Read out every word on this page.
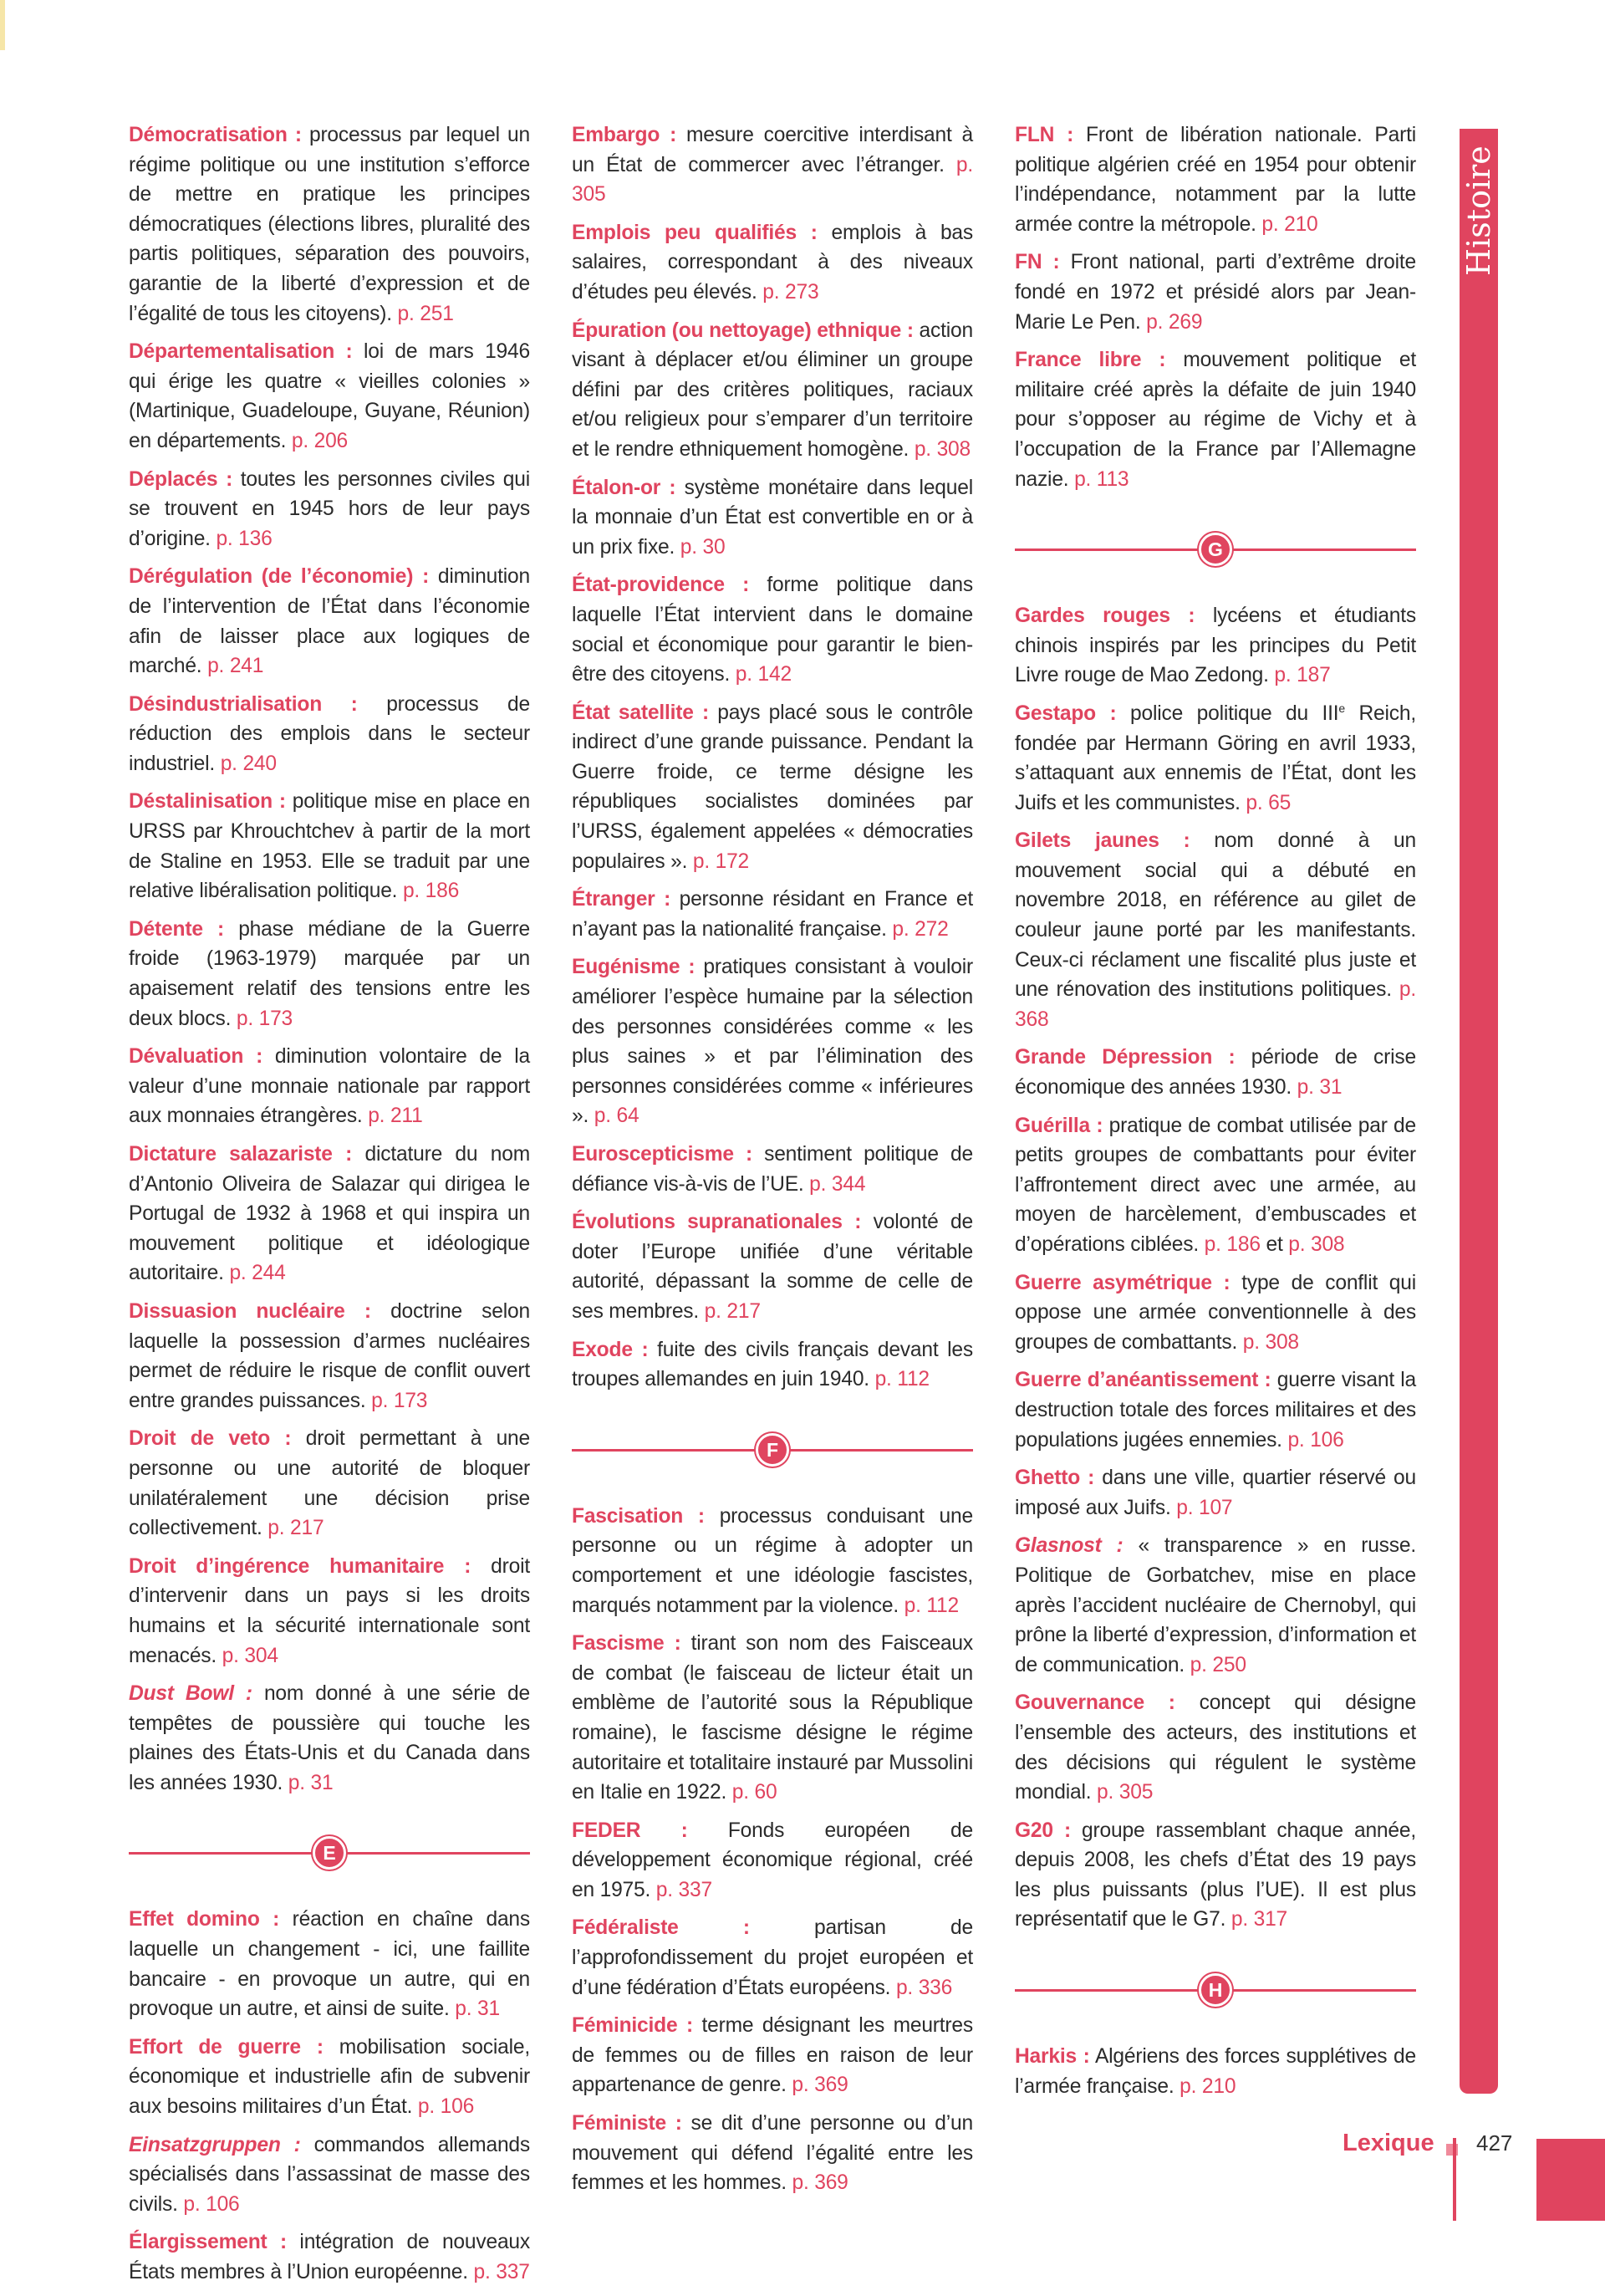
Démocratisation : processus par lequel un régime politique ou une institution s’efforce de mettre en pratique les principes démocratiques (élections libres, pluralité des partis politiques, séparation des pouvoirs, garantie de la liberté d’expression et de l’égalité de tous les citoyens). p. 251

Départementalisation : loi de mars 1946 qui érige les quatre « vieilles colonies » (Martinique, Guadeloupe, Guyane, Réunion) en départements. p. 206

Déplacés : toutes les personnes civiles qui se trouvent en 1945 hors de leur pays d’origine. p. 136

Dérégulation (de l’économie) : diminution de l’intervention de l’État dans l’économie afin de laisser place aux logiques de marché. p. 241

Désindustrialisation : processus de réduction des emplois dans le secteur industriel. p. 240

Déstalinisation : politique mise en place en URSS par Khrouchtchev à partir de la mort de Staline en 1953. Elle se traduit par une relative libéralisation politique. p. 186

Détente : phase médiane de la Guerre froide (1963-1979) marquée par un apaisement relatif des tensions entre les deux blocs. p. 173

Dévaluation : diminution volontaire de la valeur d’une monnaie nationale par rapport aux monnaies étrangères. p. 211

Dictature salazariste : dictature du nom d’Antonio Oliveira de Salazar qui dirigea le Portugal de 1932 à 1968 et qui inspira un mouvement politique et idéologique autoritaire. p. 244

Dissuasion nucléaire : doctrine selon laquelle la possession d’armes nucléaires permet de réduire le risque de conflit ouvert entre grandes puissances. p. 173

Droit de veto : droit permettant à une personne ou une autorité de bloquer unilatéralement une décision prise collectivement. p. 217

Droit d’ingérence humanitaire : droit d’intervenir dans un pays si les droits humains et la sécurité internationale sont menacés. p. 304

Dust Bowl : nom donné à une série de tempêtes de poussière qui touche les plaines des États-Unis et du Canada dans les années 1930. p. 31

E

Effet domino : réaction en chaîne dans laquelle un changement - ici, une faillite bancaire - en provoque un autre, qui en provoque un autre, et ainsi de suite. p. 31

Effort de guerre : mobilisation sociale, économique et industrielle afin de subvenir aux besoins militaires d’un État. p. 106

Einsatzgruppen : commandos allemands spécialisés dans l’assassinat de masse des civils. p. 106

Élargissement : intégration de nouveaux États membres à l’Union européenne. p. 337

Embargo : mesure coercitive interdisant à un État de commercer avec l’étranger. p. 305

Emplois peu qualifiés : emplois à bas salaires, correspondant à des niveaux d’études peu élevés. p. 273

Épuration (ou nettoyage) ethnique : action visant à déplacer et/ou éliminer un groupe défini par des critères politiques, raciaux et/ou religieux pour s’emparer d’un territoire et le rendre ethniquement homogène. p. 308

Étalon-or : système monétaire dans lequel la monnaie d’un État est convertible en or à un prix fixe. p. 30

État-providence : forme politique dans laquelle l’État intervient dans le domaine social et économique pour garantir le bien-être des citoyens. p. 142

État satellite : pays placé sous le contrôle indirect d’une grande puissance. Pendant la Guerre froide, ce terme désigne les républiques socialistes dominées par l’URSS, également appelées « démocraties populaires ». p. 172

Étranger : personne résidant en France et n’ayant pas la nationalité française. p. 272

Eugénisme : pratiques consistant à vouloir améliorer l’espèce humaine par la sélection des personnes considérées comme « les plus saines » et par l’élimination des personnes considérées comme « inférieures ». p. 64

Euroscepticisme : sentiment politique de défiance vis-à-vis de l’UE. p. 344

Évolutions supranationales : volonté de doter l’Europe unifiée d’une véritable autorité, dépassant la somme de celle de ses membres. p. 217

Exode : fuite des civils français devant les troupes allemandes en juin 1940. p. 112

F

Fascisation : processus conduisant une personne ou un régime à adopter un comportement et une idéologie fascistes, marqués notamment par la violence. p. 112

Fascisme : tirant son nom des Faisceaux de combat (le faisceau de licteur était un emblème de l’autorité sous la République romaine), le fascisme désigne le régime autoritaire et totalitaire instauré par Mussolini en Italie en 1922. p. 60

FEDER : Fonds européen de développement économique régional, créé en 1975. p. 337

Fédéraliste : partisan de l’approfondissement du projet européen et d’une fédération d’États européens. p. 336

Féminicide : terme désignant les meurtres de femmes ou de filles en raison de leur appartenance de genre. p. 369

Féministe : se dit d’une personne ou d’un mouvement qui défend l’égalité entre les femmes et les hommes. p. 369

FLN : Front de libération nationale. Parti politique algérien créé en 1954 pour obtenir l’indépendance, notamment par la lutte armée contre la métropole. p. 210

FN : Front national, parti d’extrême droite fondé en 1972 et présidé alors par Jean-Marie Le Pen. p. 269

France libre : mouvement politique et militaire créé après la défaite de juin 1940 pour s’opposer au régime de Vichy et à l’occupation de la France par l’Allemagne nazie. p. 113

G

Gardes rouges : lycéens et étudiants chinois inspirés par les principes du Petit Livre rouge de Mao Zedong. p. 187

Gestapo : police politique du IIIe Reich, fondée par Hermann Göring en avril 1933, s’attaquant aux ennemis de l’État, dont les Juifs et les communistes. p. 65

Gilets jaunes : nom donné à un mouvement social qui a débuté en novembre 2018, en référence au gilet de couleur jaune porté par les manifestants. Ceux-ci réclament une fiscalité plus juste et une rénovation des institutions politiques. p. 368

Grande Dépression : période de crise économique des années 1930. p. 31

Guérilla : pratique de combat utilisée par de petits groupes de combattants pour éviter l’affrontement direct avec une armée, au moyen de harcèlement, d’embuscades et d’opérations ciblées. p. 186 et p. 308

Guerre asymétrique : type de conflit qui oppose une armée conventionnelle à des groupes de combattants. p. 308

Guerre d’anéantissement : guerre visant la destruction totale des forces militaires et des populations jugées ennemies. p. 106

Ghetto : dans une ville, quartier réservé ou imposé aux Juifs. p. 107

Glasnost : « transparence » en russe. Politique de Gorbatchev, mise en place après l’accident nucléaire de Chernobyl, qui prône la liberté d’expression, d’information et de communication. p. 250

Gouvernance : concept qui désigne l’ensemble des acteurs, des institutions et des décisions qui régulent le système mondial. p. 305

G20 : groupe rassemblant chaque année, depuis 2008, les chefs d’État des 19 pays les plus puissants (plus l’UE). Il est plus représentatif que le G7. p. 317

H

Harkis : Algériens des forces supplétives de l’armée française. p. 210

Histoire
Lexique 427
